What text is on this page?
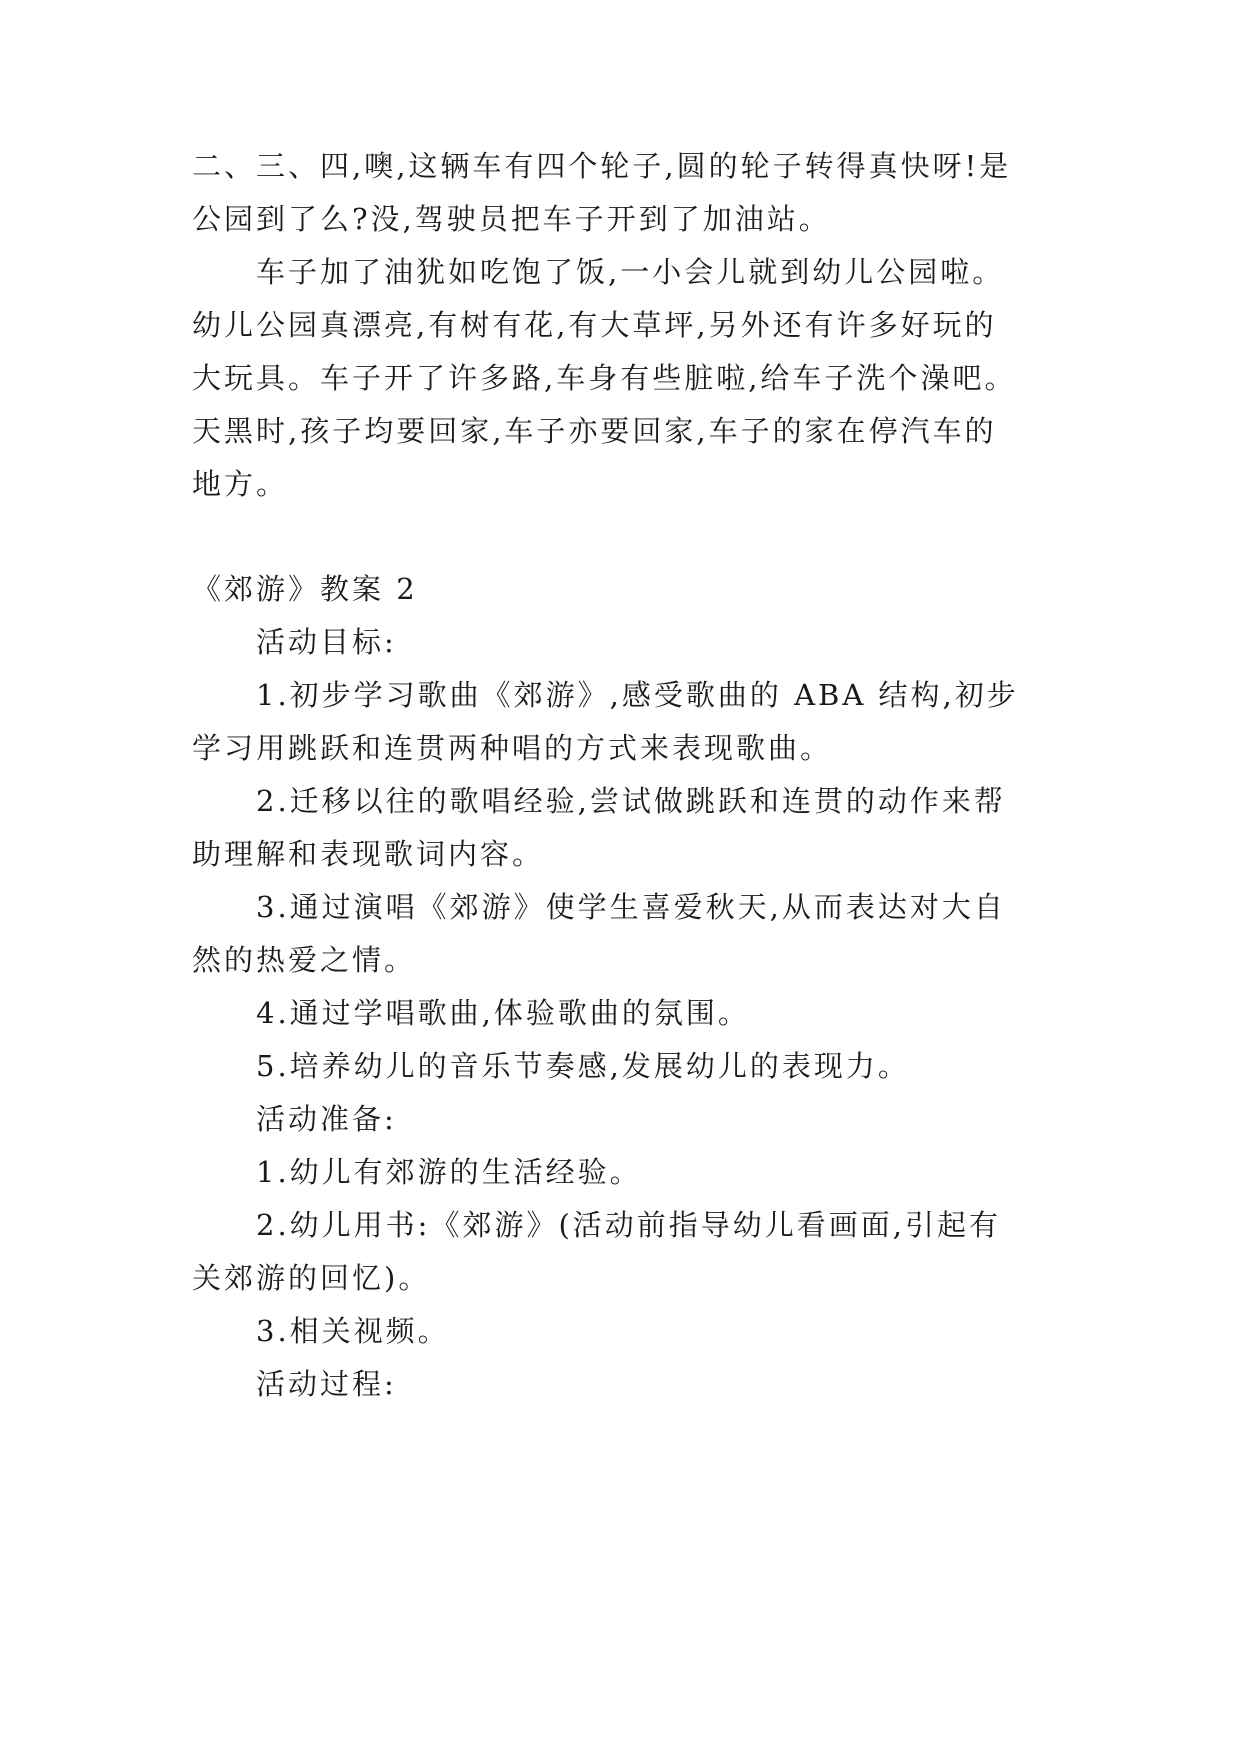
二、三、四,噢,这辆车有四个轮子,圆的轮子转得真快呀!是
公园到了么?没,驾驶员把车子开到了加油站。
车子加了油犹如吃饱了饭,一小会儿就到幼儿公园啦。
幼儿公园真漂亮,有树有花,有大草坪,另外还有许多好玩的
大玩具。车子开了许多路,车身有些脏啦,给车子洗个澡吧。
天黑时,孩子均要回家,车子亦要回家,车子的家在停汽车的
地方。
《郊游》教案 2
活动目标:
1.初步学习歌曲《郊游》,感受歌曲的 ABA 结构,初步
学习用跳跃和连贯两种唱的方式来表现歌曲。
2.迁移以往的歌唱经验,尝试做跳跃和连贯的动作来帮
助理解和表现歌词内容。
3.通过演唱《郊游》使学生喜爱秋天,从而表达对大自
然的热爱之情。
4.通过学唱歌曲,体验歌曲的氛围。
5.培养幼儿的音乐节奏感,发展幼儿的表现力。
活动准备:
1.幼儿有郊游的生活经验。
2.幼儿用书:《郊游》(活动前指导幼儿看画面,引起有
关郊游的回忆)。
3.相关视频。
活动过程:
